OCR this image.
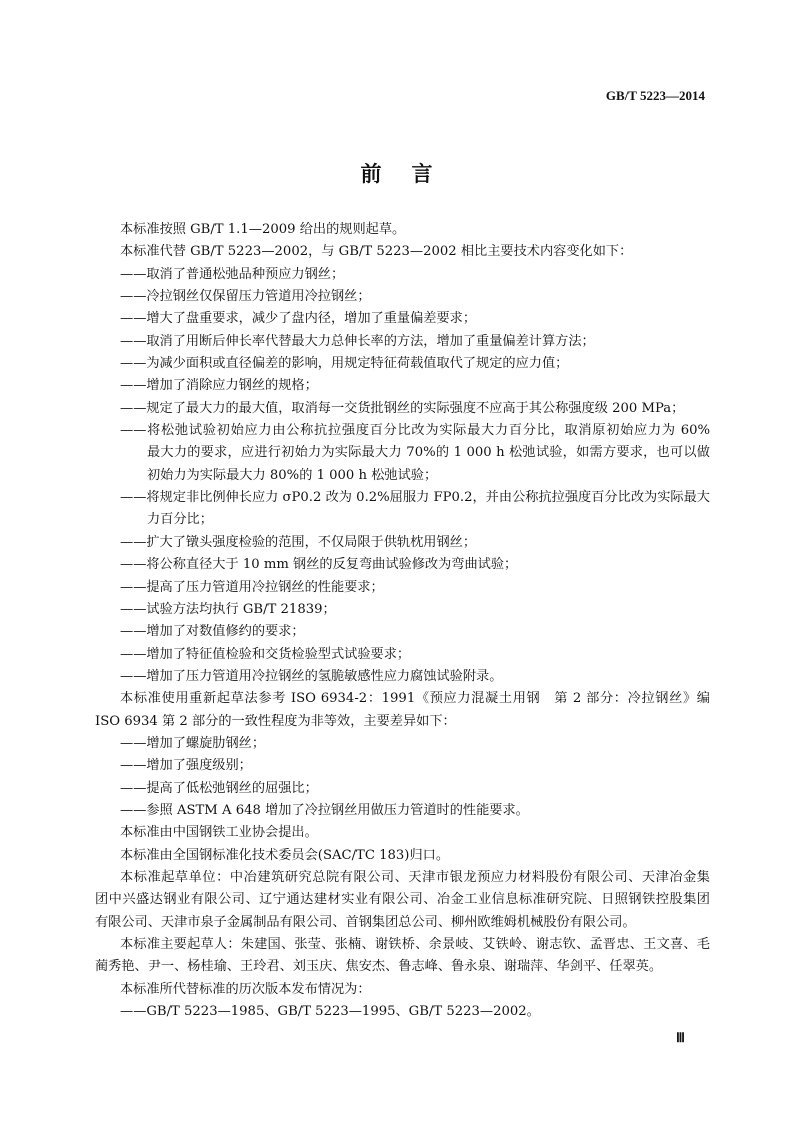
GB/T 5223—2014
前言
本标准按照 GB/T 1.1—2009 给出的规则起草。
本标准代替 GB/T 5223—2002，与 GB/T 5223—2002 相比主要技术内容变化如下：
——取消了普通松弛品种预应力钢丝；
——冷拉钢丝仅保留压力管道用冷拉钢丝；
——增大了盘重要求，减少了盘内径，增加了重量偏差要求；
——取消了用断后伸长率代替最大力总伸长率的方法，增加了重量偏差计算方法；
——为减少面积或直径偏差的影响，用规定特征荷载值取代了规定的应力值；
——增加了消除应力钢丝的规格；
——规定了最大力的最大值，取消每一交货批钢丝的实际强度不应高于其公称强度级 200 MPa；
——将松弛试验初始应力由公称抗拉强度百分比改为实际最大力百分比，取消原初始应力为 60%
最大力的要求，应进行初始力为实际最大力 70%的 1 000 h 松弛试验，如需方要求，也可以做
初始力为实际最大力 80%的 1 000 h 松弛试验；
——将规定非比例伸长应力 σP0.2 改为 0.2%屈服力 FP0.2，并由公称抗拉强度百分比改为实际最大
力百分比；
——扩大了镦头强度检验的范围，不仅局限于供轨枕用钢丝；
——将公称直径大于 10 mm 钢丝的反复弯曲试验修改为弯曲试验；
——提高了压力管道用冷拉钢丝的性能要求；
——试验方法均执行 GB/T 21839；
——增加了对数值修约的要求；
——增加了特征值检验和交货检验型式试验要求；
——增加了压力管道用冷拉钢丝的氢脆敏感性应力腐蚀试验附录。
本标准使用重新起草法参考 ISO 6934-2：1991《预应力混凝土用钢　第 2 部分：冷拉钢丝》编
ISO 6934 第 2 部分的一致性程度为非等效，主要差异如下：
——增加了螺旋肋钢丝；
——增加了强度级别；
——提高了低松弛钢丝的屈强比；
——参照 ASTM A 648 增加了冷拉钢丝用做压力管道时的性能要求。
本标准由中国钢铁工业协会提出。
本标准由全国钢标准化技术委员会(SAC/TC 183)归口。
本标准起草单位：中冶建筑研究总院有限公司、天津市银龙预应力材料股份有限公司、天津冶金集
团中兴盛达钢业有限公司、辽宁通达建材实业有限公司、冶金工业信息标准研究院、日照钢铁控股集团
有限公司、天津市泉子金属制品有限公司、首钢集团总公司、柳州欧维姆机械股份有限公司。
本标准主要起草人：朱建国、张莹、张楠、谢铁桥、余景岐、艾铁岭、谢志钦、孟晋忠、王文喜、毛
蔺秀艳、尹一、杨桂瑜、王玲君、刘玉庆、焦安杰、鲁志峰、鲁永泉、谢瑞萍、华剑平、任翠英。
本标准所代替标准的历次版本发布情况为：
——GB/T 5223—1985、GB/T 5223—1995、GB/T 5223—2002。
Ⅲ
